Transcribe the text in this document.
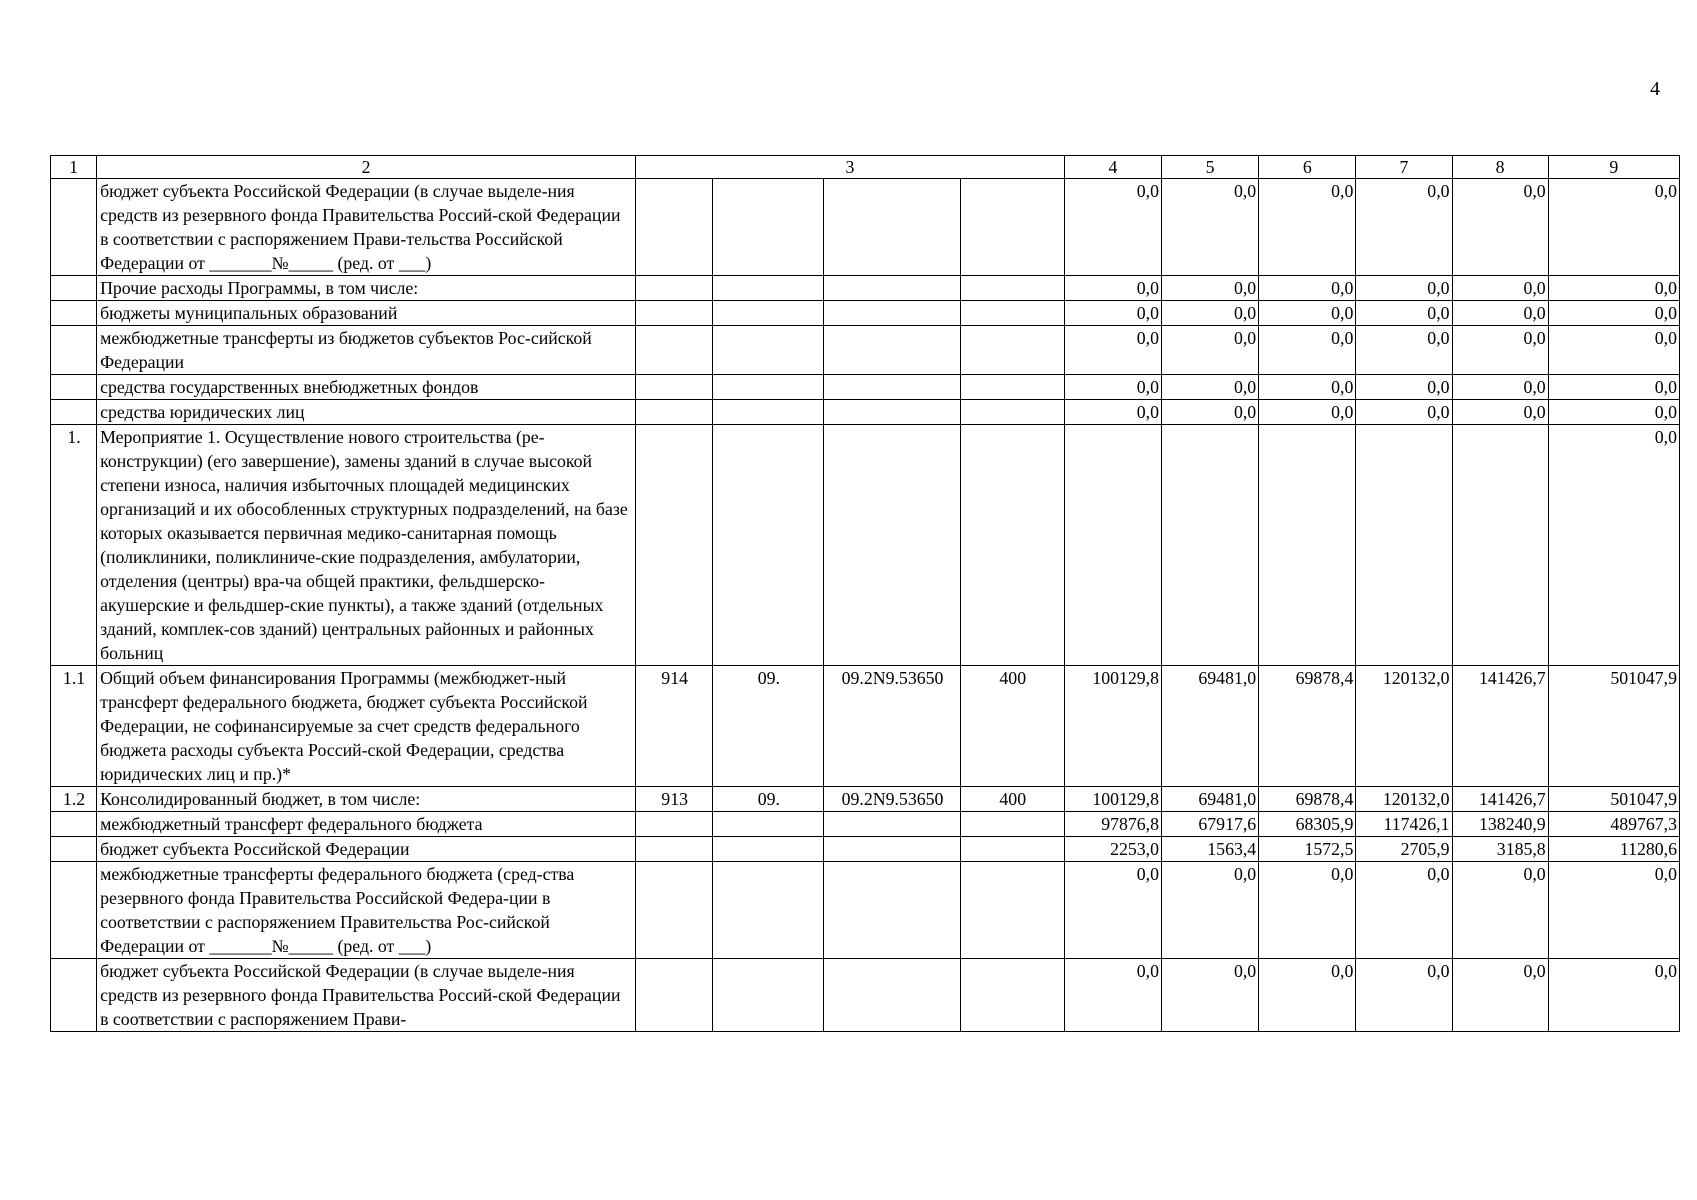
4
1	2	3				4	5	6	7	8	9
	бюджет субъекта Российской Федерации (в случае выделе-ния средств из резервного фонда Правительства Россий-ской Федерации в соответствии с распоряжением Прави-тельства Российской Федерации от _______№_____ (ред. от ___)					0,0	0,0	0,0	0,0	0,0	0,0
	Прочие расходы Программы, в том числе:					0,0	0,0	0,0	0,0	0,0	0,0
	бюджеты муниципальных образований					0,0	0,0	0,0	0,0	0,0	0,0
	межбюджетные трансферты из бюджетов субъектов Рос-сийской Федерации					0,0	0,0	0,0	0,0	0,0	0,0
	средства государственных внебюджетных фондов					0,0	0,0	0,0	0,0	0,0	0,0
	средства юридических лиц					0,0	0,0	0,0	0,0	0,0	0,0
1.	Мероприятие 1. Осуществление нового строительства (ре-конструкции) (его завершение), замены зданий в случае высокой степени износа, наличия избыточных площадей медицинских организаций и их обособленных структурных подразделений, на базе которых оказывается первичная медико-санитарная помощь (поликлиники, поликлиниче-ские подразделения, амбулатории, отделения (центры) вра-ча общей практики, фельдшерско-акушерские и фельдшер-ские пункты), а также зданий (отдельных зданий, комплек-сов зданий) центральных районных и районных больниц										0,0
1.1	Общий объем финансирования Программы (межбюджет-ный трансферт федерального бюджета, бюджет субъекта Российской Федерации, не софинансируемые за счет средств федерального бюджета расходы субъекта Россий-ской Федерации, средства юридических лиц и пр.)*	914	09.	09.2N9.53650	400	100129,8	69481,0	69878,4	120132,0	141426,7	501047,9
1.2	Консолидированный бюджет, в том числе:	913	09.	09.2N9.53650	400	100129,8	69481,0	69878,4	120132,0	141426,7	501047,9
	межбюджетный трансферт федерального бюджета					97876,8	67917,6	68305,9	117426,1	138240,9	489767,3
	бюджет субъекта Российской Федерации					2253,0	1563,4	1572,5	2705,9	3185,8	11280,6
	межбюджетные трансферты федерального бюджета (сред-ства резервного фонда Правительства Российской Федера-ции в соответствии с распоряжением Правительства Рос-сийской Федерации от _______№_____ (ред. от ___)					0,0	0,0	0,0	0,0	0,0	0,0
	бюджет субъекта Российской Федерации (в случае выделе-ния средств из резервного фонда Правительства Россий-ской Федерации в соответствии с распоряжением Прави-					0,0	0,0	0,0	0,0	0,0	0,0
